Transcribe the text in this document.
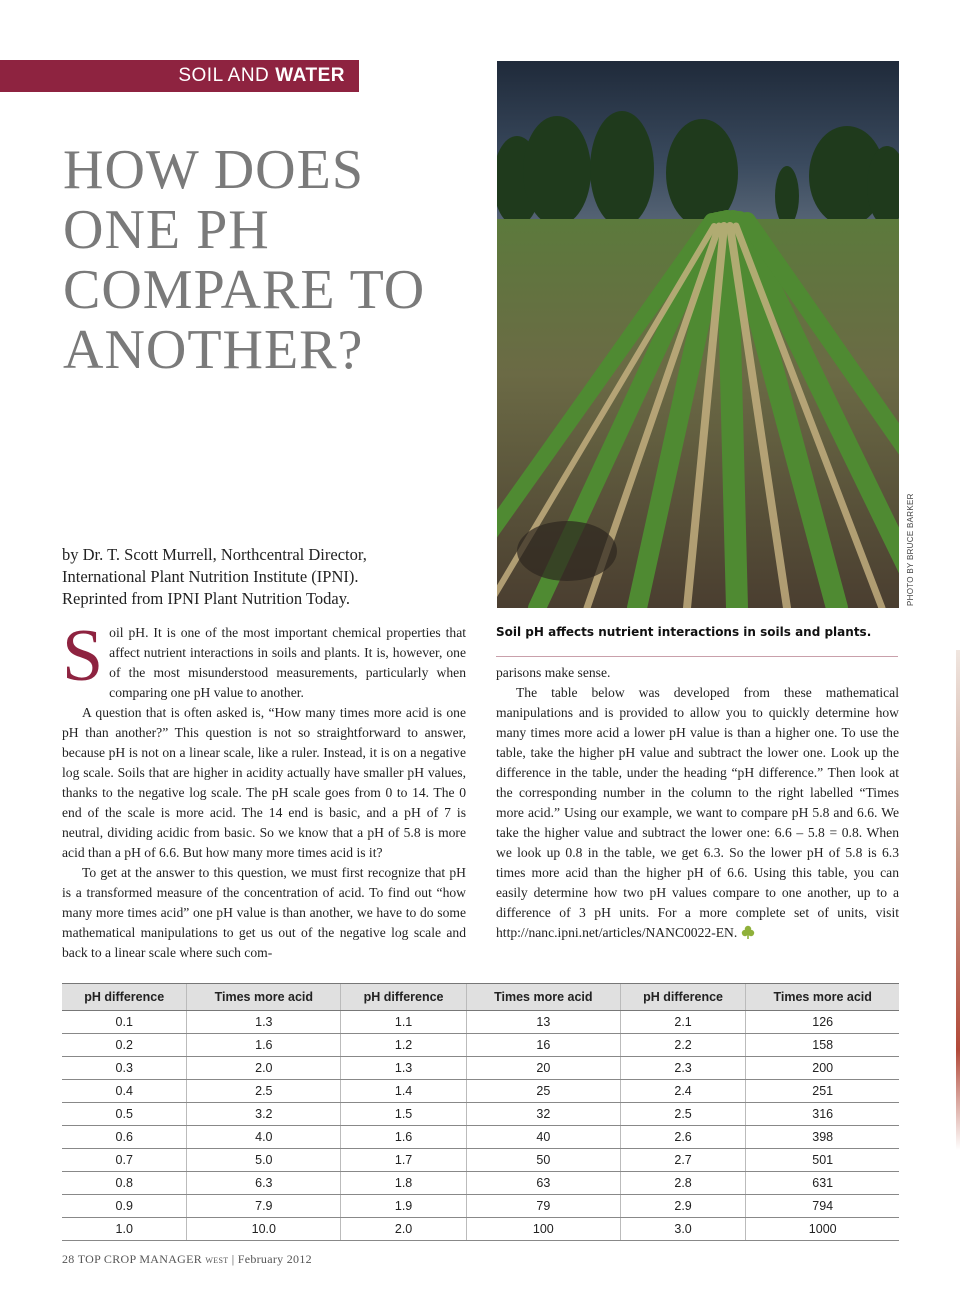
SOIL AND WATER
HOW DOES
ONE PH
COMPARE TO
ANOTHER?
by Dr. T. Scott Murrell, Northcentral Director,
International Plant Nutrition Institute (IPNI).
Reprinted from IPNI Plant Nutrition Today.	PHOTO BY BRUCE BARKER
Soil pH affects nutrient interactions in soils and plants.
S oil pH. It is one of the most important chemical properties that affect nutrient interactions in soils and plants. It is, however, one of the most misunderstood measurements, particularly when comparing one pH value to another.

A question that is often asked is, “How many times more acid is one pH than another?” This question is not so straightforward to answer, because pH is not on a linear scale, like a ruler. Instead, it is on a negative log scale. Soils that are higher in acidity actually have smaller pH values, thanks to the negative log scale. The pH scale goes from 0 to 14. The 0 end of the scale is more acid. The 14 end is basic, and a pH of 7 is neutral, dividing acidic from basic. So we know that a pH of 5.8 is more acid than a pH of 6.6. But how many more times acid is it?

To get at the answer to this question, we must first recognize that pH is a transformed measure of the concentration of acid. To find out “how many more times acid” one pH value is than another, we have to do some mathematical manipulations to get us out of the negative log scale and back to a linear scale where such com-

parisons make sense.

The table below was developed from these mathematical manipulations and is provided to allow you to quickly determine how many times more acid a lower pH value is than a higher one. To use the table, take the higher pH value and subtract the lower one. Look up the difference in the table, under the heading “pH difference.” Then look at the corresponding number in the column to the right labelled “Times more acid.” Using our example, we want to compare pH 5.8 and 6.6. We take the higher value and subtract the lower one: 6.6 – 5.8 = 0.8. When we look up 0.8 in the table, we get 6.3. So the lower pH of 5.8 is 6.3 times more acid than the higher pH of 6.6. Using this table, you can easily determine how two pH values compare to one another, up to a difference of 3 pH units. For a more complete set of units, visit http://nanc.ipni.net/articles/NANC0022-EN.

pH difference	Times more acid	pH difference	Times more acid	pH difference	Times more acid
0.1	1.3	1.1	13	2.1	126
0.2	1.6	1.2	16	2.2	158
0.3	2.0	1.3	20	2.3	200
0.4	2.5	1.4	25	2.4	251
0.5	3.2	1.5	32	2.5	316
0.6	4.0	1.6	40	2.6	398
0.7	5.0	1.7	50	2.7	501
0.8	6.3	1.8	63	2.8	631
0.9	7.9	1.9	79	2.9	794
1.0	10.0	2.0	100	3.0	1000
28 TOP CROP MANAGER WEST | February 2012
